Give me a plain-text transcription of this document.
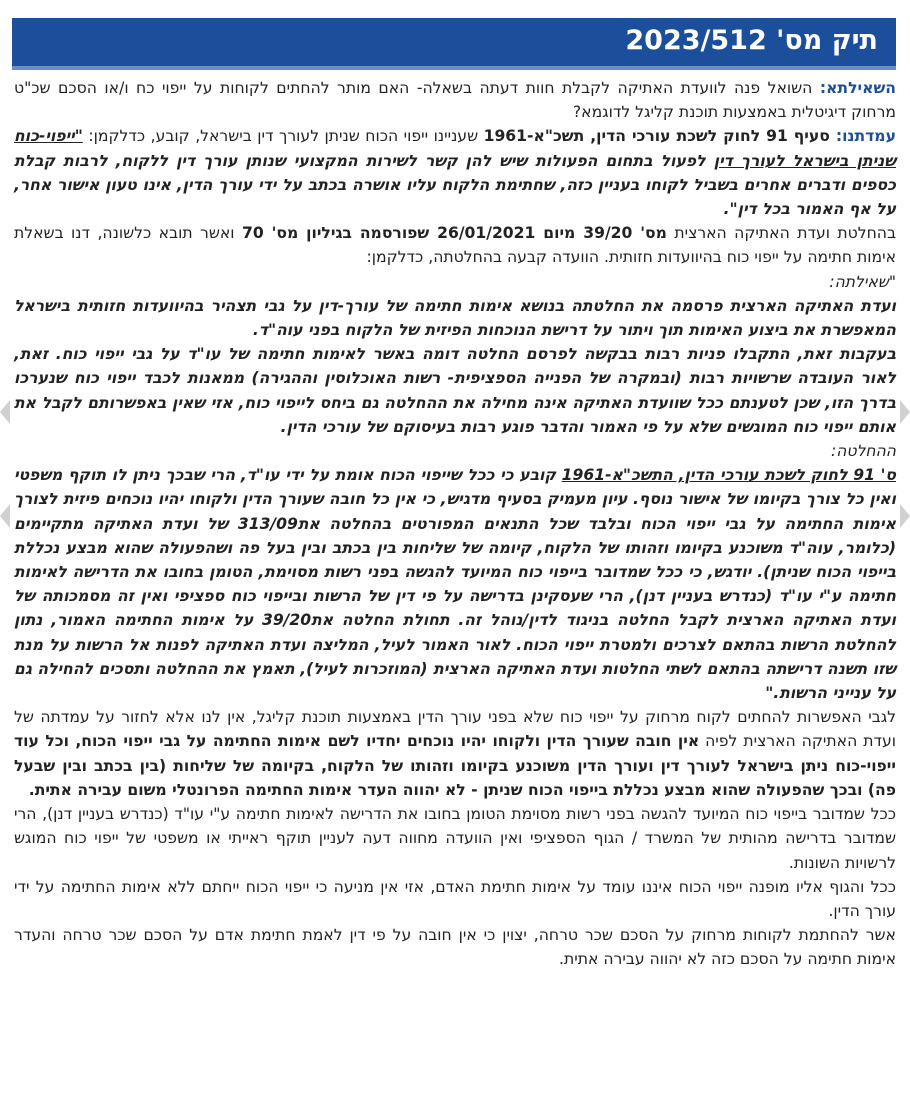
תיק מס' 2023/512

השאילתא: השואל פנה לוועדת האתיקה לקבלת חוות דעתה בשאלה- האם מותר להחתים לקוחות על ייפוי כח ו/או הסכם שכ"ט מרחוק דיגיטלית באמצעות תוכנת קליגל לדוגמא?

עמדתנו: סעיף 91 לחוק לשכת עורכי הדין, תשכ"א-1961 שעניינו ייפוי הכוח שניתן לעורך דין בישראל, קובע, כדלקמן: "ייפוי-כוח שניתן בישראל לעורך דין לפעול בתחום הפעולות שיש להן קשר לשירות המקצועי שנותן עורך דין ללקוח, לרבות קבלת כספים ודברים אחרים בשביל לקוחו בעניין כזה, שחתימת הלקוח עליו אושרה בכתב על ידי עורך הדין, אינו טעון אישור אחר, על אף האמור בכל דין".

בהחלטת ועדת האתיקה הארצית מס' 39/20 מיום 26/01/2021 שפורסמה בגיליון מס' 70 ואשר תובא כלשונה, דנו בשאלת אימות חתימה על ייפוי כוח בהיוועדות חזותית. הוועדה קבעה בהחלטתה, כדלקמן:

"שאילתה:

ועדת האתיקה הארצית פרסמה את החלטתה בנושא אימות חתימה של עורך-דין על גבי תצהיר בהיוועדות חזותית בישראל המאפשרת את ביצוע האימות תוך ויתור על דרישת הנוכחות הפיזית של הלקוח בפני עוה"ד.

בעקבות זאת, התקבלו פניות רבות בבקשה לפרסם החלטה דומה באשר לאימות חתימה של עו"ד על גבי ייפוי כוח. זאת, לאור העובדה שרשויות רבות (ובמקרה של הפנייה הספציפית- רשות האוכלוסין וההגירה) ממאנות לכבד ייפוי כוח שנערכו בדרך הזו, שכן לטענתם ככל שוועדת האתיקה אינה מחילה את ההחלטה גם ביחס לייפוי כוח, אזי שאין באפשרותם לקבל את אותם ייפוי כוח המוגשים שלא על פי האמור והדבר פוגע רבות בעיסוקם של עורכי הדין.

ההחלטה:

ס' 91 לחוק לשכת עורכי הדין, התשכ"א-1961 קובע כי ככל שייפוי הכוח אומת על ידי עו"ד, הרי שבכך ניתן לו תוקף משפטי ואין כל צורך בקיומו של אישור נוסף. עיון מעמיק בסעיף מדגיש, כי אין כל חובה שעורך הדין ולקוחו יהיו נוכחים פיזית לצורך אימות החתימה על גבי ייפוי הכוח ובלבד שכל התנאים המפורטים בהחלטה את313/09 של ועדת האתיקה מתקיימים (כלומר, עוה"ד משוכנע בקיומו וזהותו של הלקוח, קיומה של שליחות בין בכתב ובין בעל פה ושהפעולה שהוא מבצע נכללת בייפוי הכוח שניתן). יודגש, כי ככל שמדובר בייפוי כוח המיועד להגשה בפני רשות מסוימת, הטומן בחובו את הדרישה לאימות חתימה ע"י עו"ד (כנדרש בעניין דנן), הרי שעסקינן בדרישה על פי דין של הרשות ובייפוי כוח ספציפי ואין זה מסמכותה של ועדת האתיקה הארצית לקבל החלטה בניגוד לדין/נוהל זה. תחולת החלטה את39/20 על אימות החתימה האמור, נתון להחלטת הרשות בהתאם לצרכים ולמטרת ייפוי הכוח. לאור האמור לעיל, המליצה ועדת האתיקה לפנות אל הרשות על מנת שזו תשנה דרישתה בהתאם לשתי החלטות ועדת האתיקה הארצית (המוזכרות לעיל), תאמץ את ההחלטה ותסכים להחילה גם על ענייני הרשות."

לגבי האפשרות להחתים לקוח מרחוק על ייפוי כוח שלא בפני עורך הדין באמצעות תוכנת קליגל, אין לנו אלא לחזור על עמדתה של ועדת האתיקה הארצית לפיה אין חובה שעורך הדין ולקוחו יהיו נוכחים יחדיו לשם אימות החתימה על גבי ייפוי הכוח, וכל עוד ייפוי-כוח ניתן בישראל לעורך דין ועורך הדין משוכנע בקיומו וזהותו של הלקוח, בקיומה של שליחות (בין בכתב ובין שבעל פה) ובכך שהפעולה שהוא מבצע נכללת בייפוי הכוח שניתן - לא יהווה העדר אימות החתימה הפרונטלי משום עבירה אתית.

ככל שמדובר בייפוי כוח המיועד להגשה בפני רשות מסוימת הטומן בחובו את הדרישה לאימות חתימה ע"י עו"ד (כנדרש בעניין דנן), הרי שמדובר בדרישה מהותית של המשרד / הגוף הספציפי ואין הוועדה מחווה דעה לעניין תוקף ראייתי או משפטי של ייפוי כוח המוגש לרשויות השונות.

ככל והגוף אליו מופנה ייפוי הכוח איננו עומד על אימות חתימת האדם, אזי אין מניעה כי ייפוי הכוח ייחתם ללא אימות החתימה על ידי עורך הדין.

אשר להחתמת לקוחות מרחוק על הסכם שכר טרחה, יצוין כי אין חובה על פי דין לאמת חתימת אדם על הסכם שכר טרחה והעדר אימות חתימה על הסכם כזה לא יהווה עבירה אתית.
